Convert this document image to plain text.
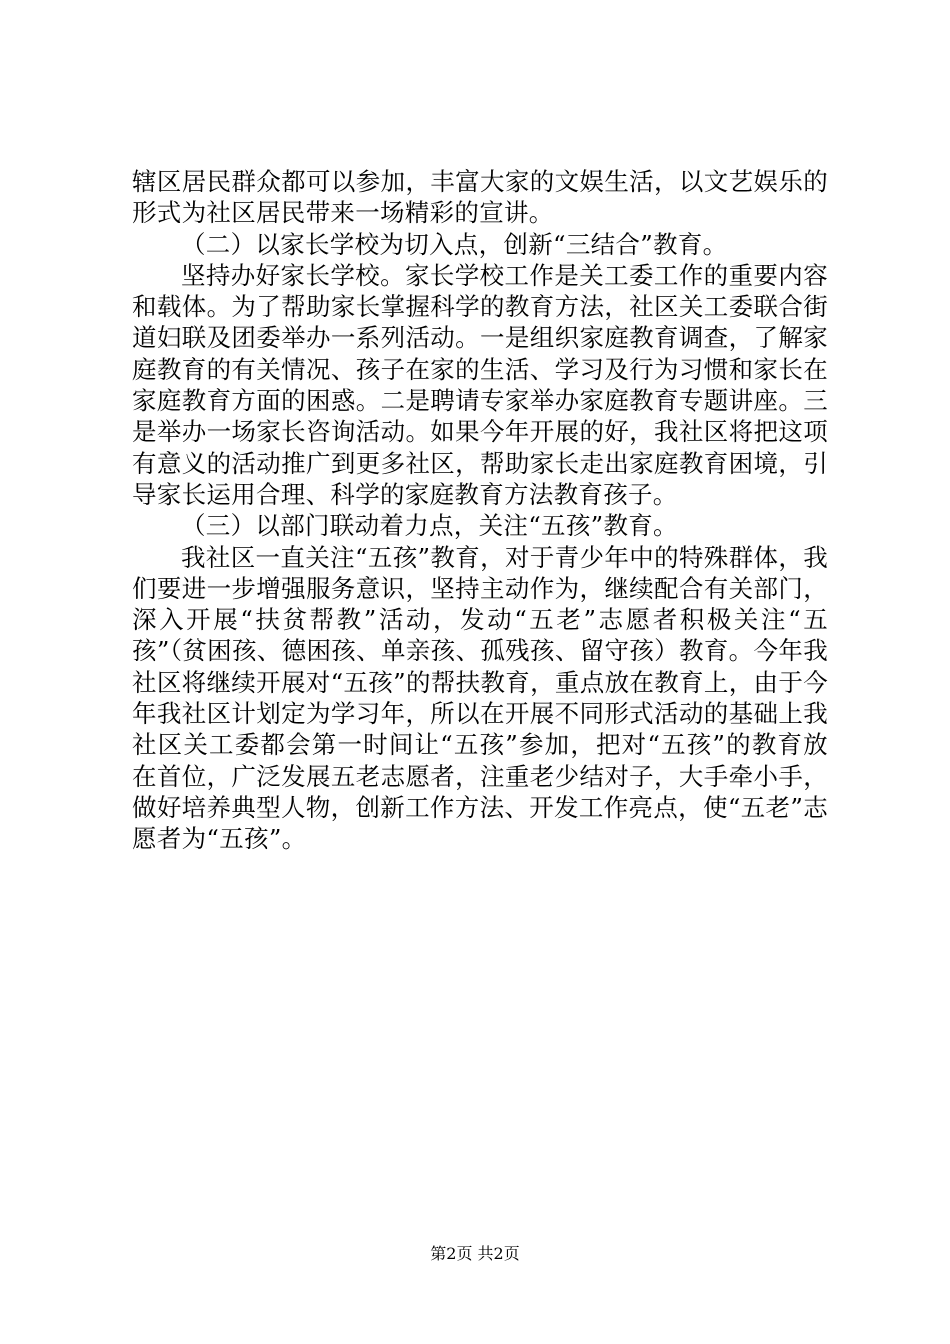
辖区居民群众都可以参加，丰富大家的文娱生活，以文艺娱乐的形式为社区居民带来一场精彩的宣讲。

（二）以家长学校为切入点，创新“三结合”教育。

坚持办好家长学校。家长学校工作是关工委工作的重要内容和载体。为了帮助家长掌握科学的教育方法，社区关工委联合街道妇联及团委举办一系列活动。一是组织家庭教育调查，了解家庭教育的有关情况、孩子在家的生活、学习及行为习惯和家长在家庭教育方面的困惑。二是聘请专家举办家庭教育专题讲座。三是举办一场家长咨询活动。如果今年开展的好，我社区将把这项有意义的活动推广到更多社区，帮助家长走出家庭教育困境，引导家长运用合理、科学的家庭教育方法教育孩子。

（三）以部门联动着力点，关注“五孩”教育。

我社区一直关注“五孩”教育，对于青少年中的特殊群体，我们要进一步增强服务意识，坚持主动作为，继续配合有关部门，深入开展“扶贫帮教”活动，发动“五老”志愿者积极关注“五孩”（贫困孩、德困孩、单亲孩、孤残孩、留守孩）教育。今年我社区将继续开展对“五孩”的帮扶教育，重点放在教育上，由于今年我社区计划定为学习年，所以在开展不同形式活动的基础上我社区关工委都会第一时间让“五孩”参加，把对“五孩”的教育放在首位，广泛发展五老志愿者，注重老少结对子，大手牵小手，做好培养典型人物，创新工作方法、开发工作亮点，使“五老”志愿者为“五孩”。

第2页 共2页
